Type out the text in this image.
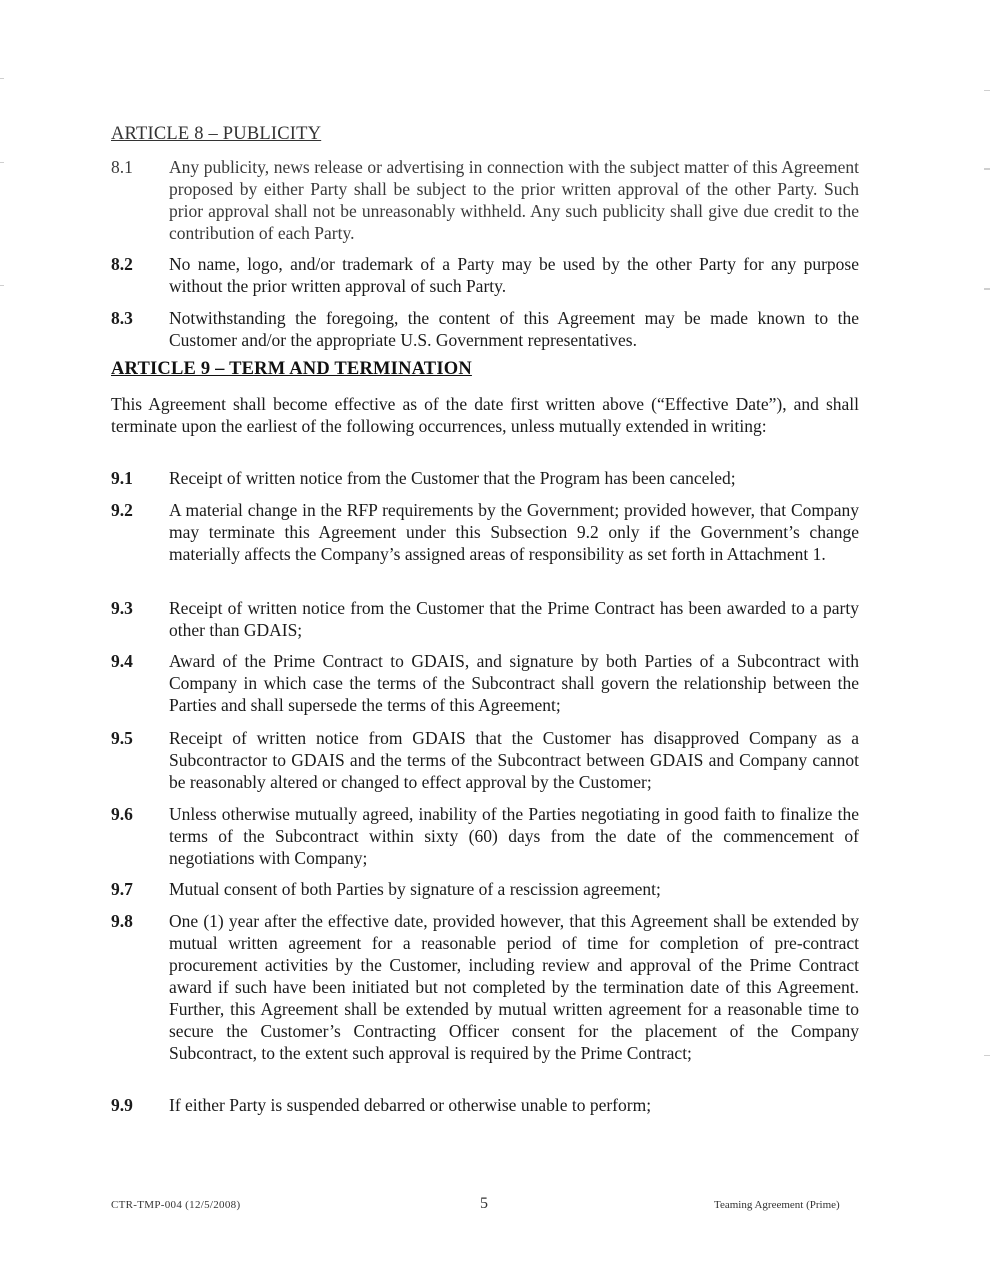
ARTICLE 8 – PUBLICITY
8.1	Any publicity, news release or advertising in connection with the subject matter of this Agreement proposed by either Party shall be subject to the prior written approval of the other Party. Such prior approval shall not be unreasonably withheld. Any such publicity shall give due credit to the contribution of each Party.
8.2	No name, logo, and/or trademark of a Party may be used by the other Party for any purpose without the prior written approval of such Party.
8.3	Notwithstanding the foregoing, the content of this Agreement may be made known to the Customer and/or the appropriate U.S. Government representatives.
ARTICLE 9 – TERM AND TERMINATION
This Agreement shall become effective as of the date first written above (“Effective Date”), and shall terminate upon the earliest of the following occurrences, unless mutually extended in writing:
9.1	Receipt of written notice from the Customer that the Program has been canceled;
9.2	A material change in the RFP requirements by the Government; provided however, that Company may terminate this Agreement under this Subsection 9.2 only if the Government’s change materially affects the Company’s assigned areas of responsibility as set forth in Attachment 1.
9.3	Receipt of written notice from the Customer that the Prime Contract has been awarded to a party other than GDAIS;
9.4	Award of the Prime Contract to GDAIS, and signature by both Parties of a Subcontract with Company in which case the terms of the Subcontract shall govern the relationship between the Parties and shall supersede the terms of this Agreement;
9.5	Receipt of written notice from GDAIS that the Customer has disapproved Company as a Subcontractor to GDAIS and the terms of the Subcontract between GDAIS and Company cannot be reasonably altered or changed to effect approval by the Customer;
9.6	Unless otherwise mutually agreed, inability of the Parties negotiating in good faith to finalize the terms of the Subcontract within sixty (60) days from the date of the commencement of negotiations with Company;
9.7	Mutual consent of both Parties by signature of a rescission agreement;
9.8	One (1) year after the effective date, provided however, that this Agreement shall be extended by mutual written agreement for a reasonable period of time for completion of pre-contract procurement activities by the Customer, including review and approval of the Prime Contract award if such have been initiated but not completed by the termination date of this Agreement. Further, this Agreement shall be extended by mutual written agreement for a reasonable time to secure the Customer’s Contracting Officer consent for the placement of the Company Subcontract, to the extent such approval is required by the Prime Contract;
9.9	If either Party is suspended debarred or otherwise unable to perform;
CTR-TMP-004 (12/5/2008)	5	Teaming Agreement (Prime)
